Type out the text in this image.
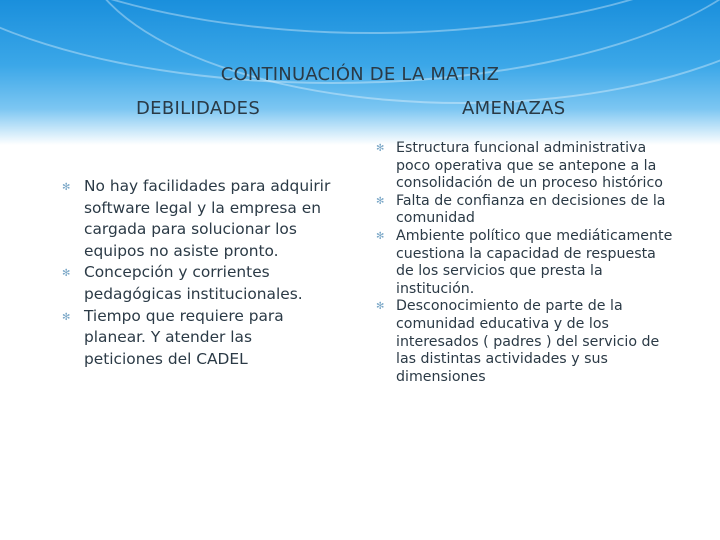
CONTINUACIÓN DE LA MATRIZ
DEBILIDADES	AMENAZAS
✻ No hay facilidades para adquirir software legal y la empresa en cargada para solucionar los equipos no asiste pronto.
✻ Concepción y corrientes pedagógicas institucionales.
✻ Tiempo que requiere para planear. Y atender las peticiones del CADEL
✻ Estructura funcional administrativa poco operativa que se antepone a la consolidación de un proceso histórico
✻ Falta de confianza en decisiones de la comunidad
✻ Ambiente político que mediáticamente cuestiona la capacidad de respuesta de los servicios que presta la institución.
✻ Desconocimiento de parte de la comunidad educativa y de los interesados ( padres ) del servicio de las distintas actividades y sus dimensiones
